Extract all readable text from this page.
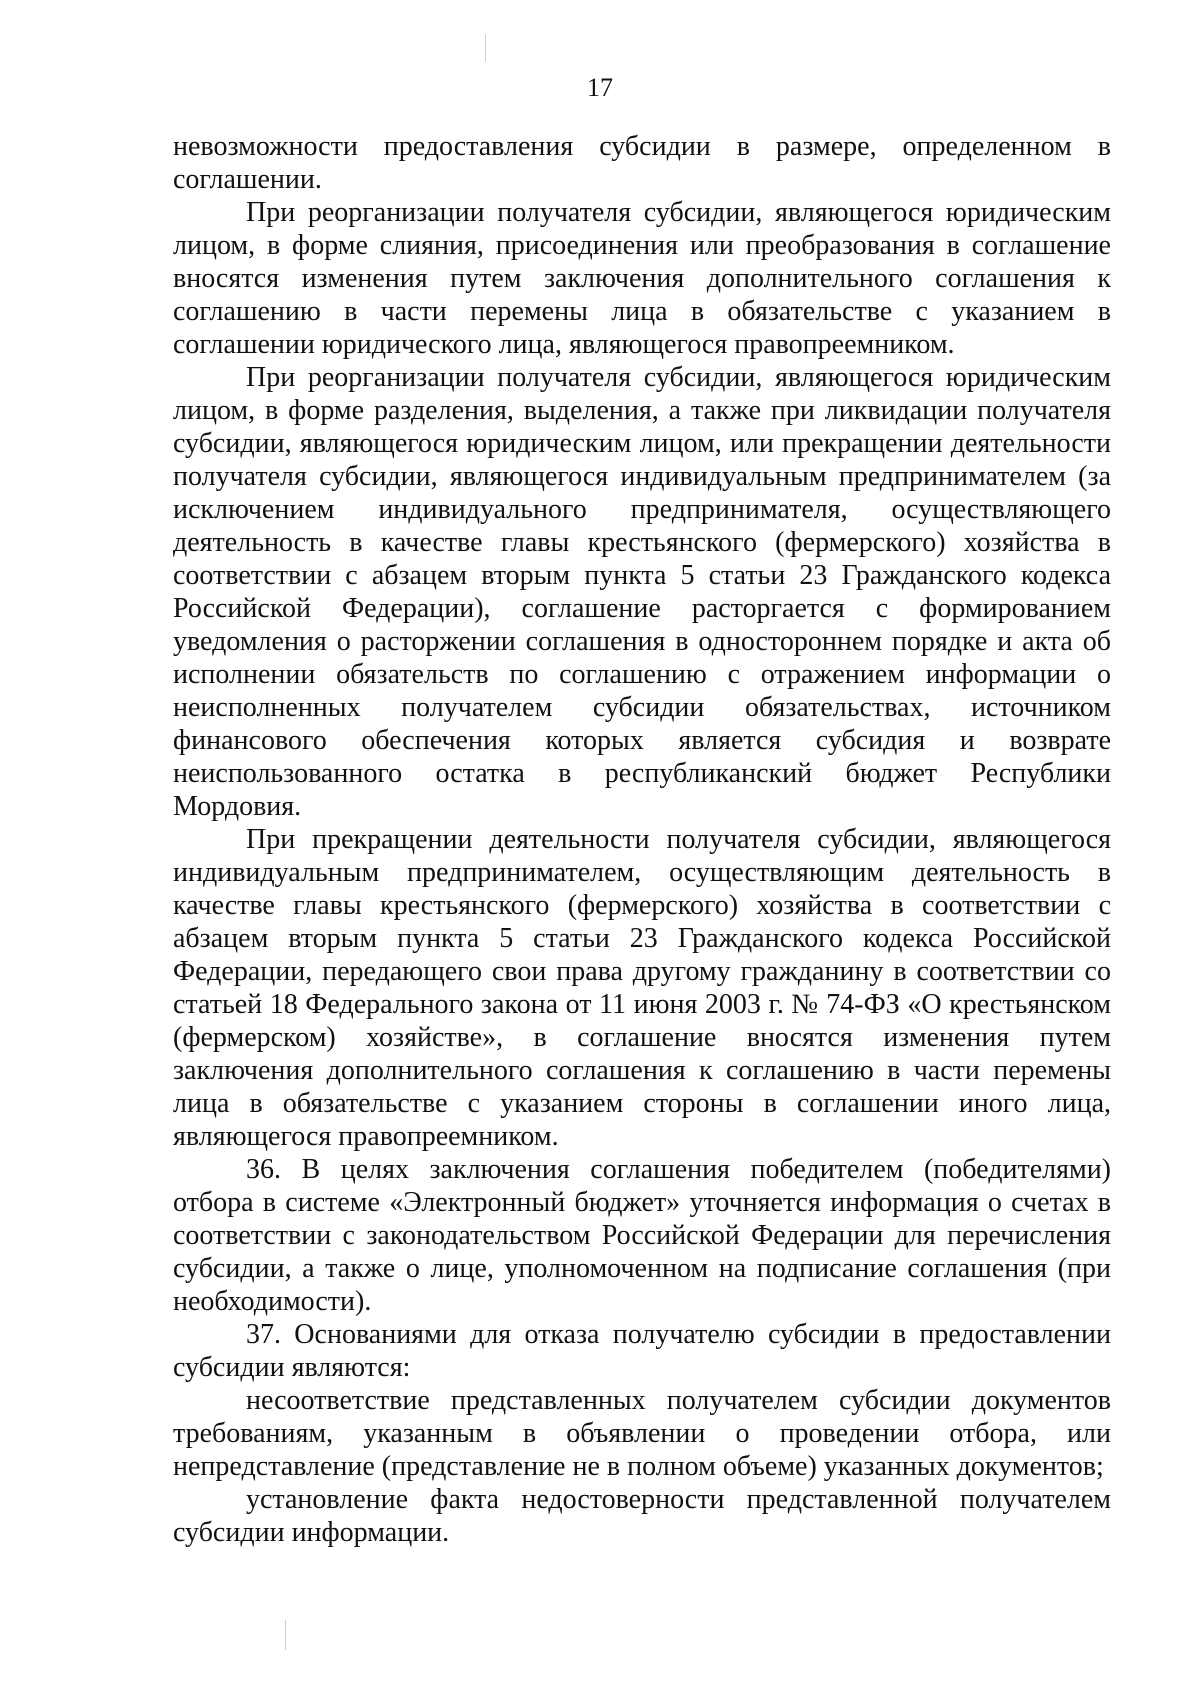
17

невозможности предоставления субсидии в размере, определенном в соглашении.

При реорганизации получателя субсидии, являющегося юридическим лицом, в форме слияния, присоединения или преобразования в соглашение вносятся изменения путем заключения дополнительного соглашения к соглашению в части перемены лица в обязательстве с указанием в соглашении юридического лица, являющегося правопреемником.

При реорганизации получателя субсидии, являющегося юридическим лицом, в форме разделения, выделения, а также при ликвидации получателя субсидии, являющегося юридическим лицом, или прекращении деятельности получателя субсидии, являющегося индивидуальным предпринимателем (за исключением индивидуального предпринимателя, осуществляющего деятельность в качестве главы крестьянского (фермерского) хозяйства в соответствии с абзацем вторым пункта 5 статьи 23 Гражданского кодекса Российской Федерации), соглашение расторгается с формированием уведомления о расторжении соглашения в одностороннем порядке и акта об исполнении обязательств по соглашению с отражением информации о неисполненных получателем субсидии обязательствах, источником финансового обеспечения которых является субсидия и возврате неиспользованного остатка в республиканский бюджет Республики Мордовия.

При прекращении деятельности получателя субсидии, являющегося индивидуальным предпринимателем, осуществляющим деятельность в качестве главы крестьянского (фермерского) хозяйства в соответствии с абзацем вторым пункта 5 статьи 23 Гражданского кодекса Российской Федерации, передающего свои права другому гражданину в соответствии со статьей 18 Федерального закона от 11 июня 2003 г. № 74-ФЗ «О крестьянском (фермерском) хозяйстве», в соглашение вносятся изменения путем заключения дополнительного соглашения к соглашению в части перемены лица в обязательстве с указанием стороны в соглашении иного лица, являющегося правопреемником.

36. В целях заключения соглашения победителем (победителями) отбора в системе «Электронный бюджет» уточняется информация о счетах в соответствии с законодательством Российской Федерации для перечисления субсидии, а также о лице, уполномоченном на подписание соглашения (при необходимости).

37. Основаниями для отказа получателю субсидии в предоставлении субсидии являются:

несоответствие представленных получателем субсидии документов требованиям, указанным в объявлении о проведении отбора, или непредставление (представление не в полном объеме) указанных документов;

установление факта недостоверности представленной получателем субсидии информации.
